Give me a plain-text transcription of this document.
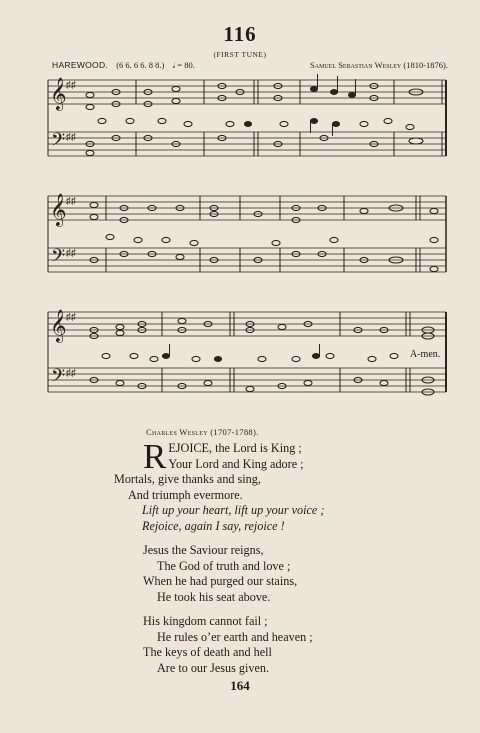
116
(FIRST TUNE)
HAREWOOD. (6 6. 6 6. 8 8.) 𝅗𝅥 = 80.	Samuel Sebastian Wesley (1810-1876).
𝄞
𝄢
♯♯
♯♯
𝄞
𝄢
♯♯
♯♯
𝄞
𝄢
♯♯
♯♯
A-men.
Charles Wesley (1707-1788).
REJOICE, the Lord is King ;
Your Lord and King adore ;
Mortals, give thanks and sing,
And triumph evermore.
Lift up your heart, lift up your voice ;
Rejoice, again I say, rejoice !
Jesus the Saviour reigns,
The God of truth and love ;
When he had purged our stains,
He took his seat above.
His kingdom cannot fail ;
He rules o’er earth and heaven ;
The keys of death and hell
Are to our Jesus given.
164
